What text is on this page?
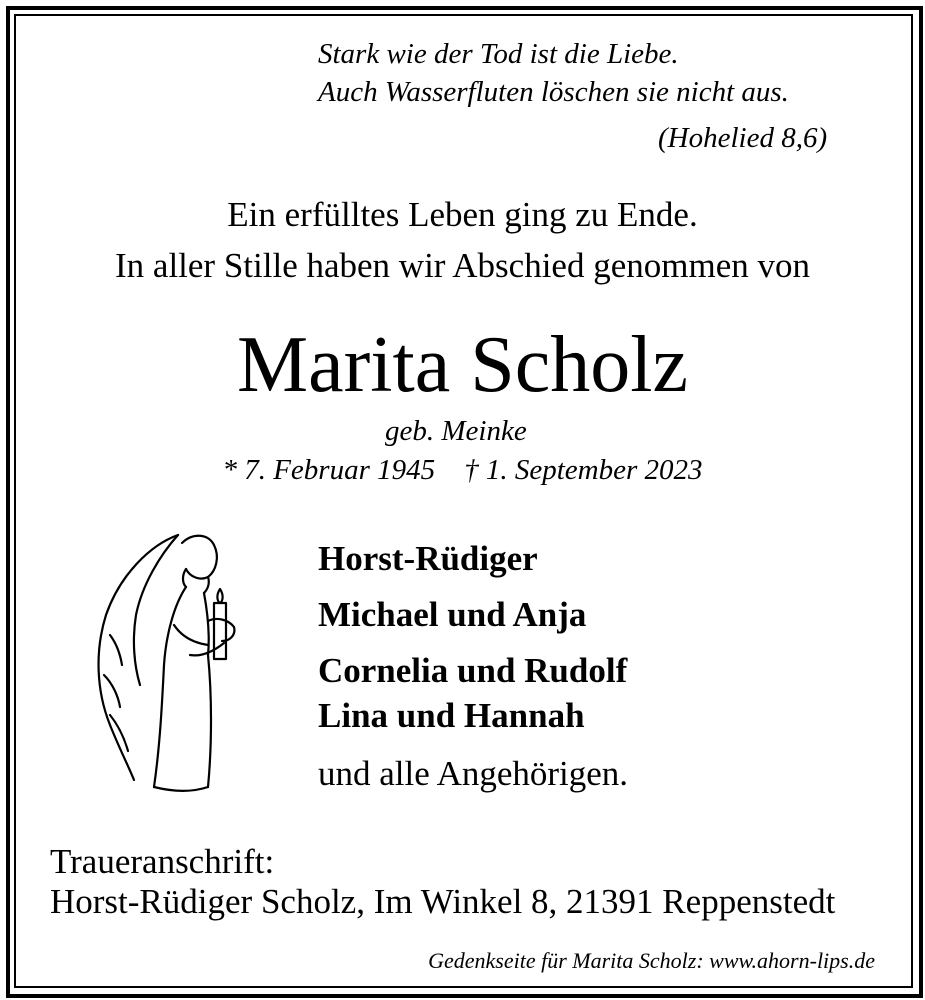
Stark wie der Tod ist die Liebe.
Auch Wasserfluten löschen sie nicht aus.
(Hohelied 8,6)
Ein erfülltes Leben ging zu Ende.
In aller Stille haben wir Abschied genommen von
Marita Scholz
geb. Meinke
* 7. Februar 1945    † 1. September 2023
Horst-Rüdiger
Michael und Anja
Cornelia und Rudolf
Lina und Hannah
und alle Angehörigen.
Traueranschrift:
Horst-Rüdiger Scholz, Im Winkel 8, 21391 Reppenstedt
Gedenkseite für Marita Scholz: www.ahorn-lips.de
